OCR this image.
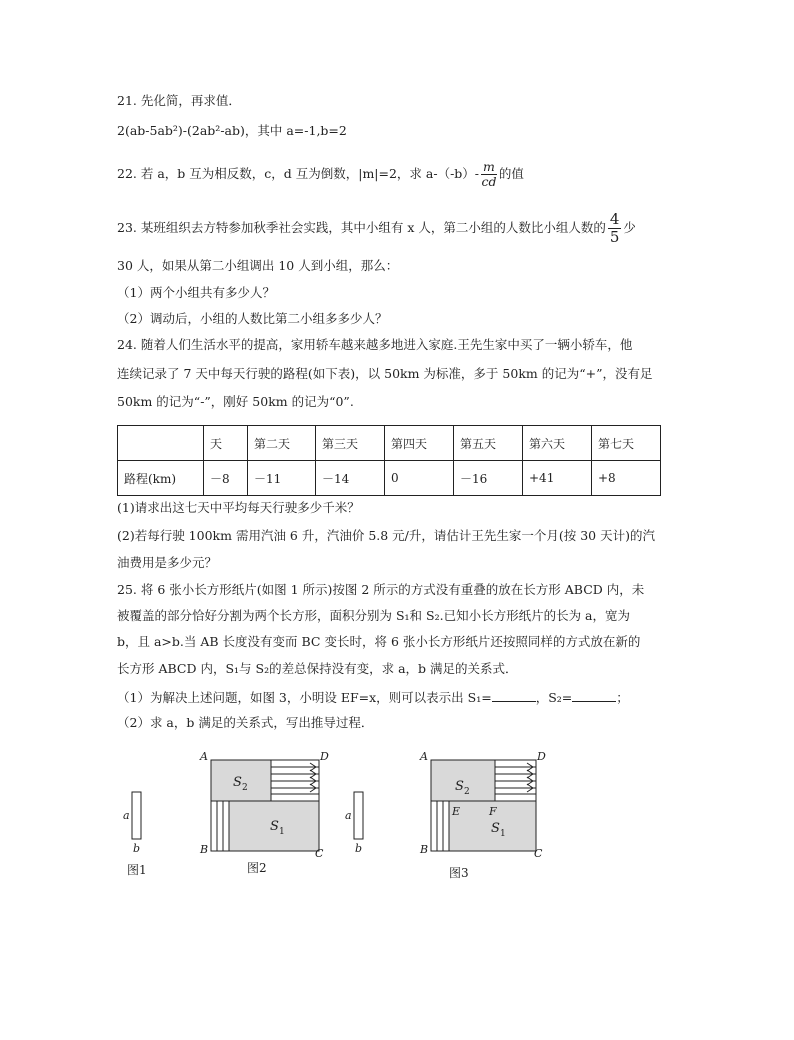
21. 先化简，再求值．
2(ab-5ab²)-(2ab²-ab)，其中 a=-1,b=2
22. 若 a，b 互为相反数，c，d 互为倒数，|m|=2，求 $a-(-b)- \frac{m}{cd}$ 的值
23. 某班组织去方特参加秋季社会实践，其中小组有 x 人，第二小组的人数比小组人数的 $\frac{4}{5}$ 少
30 人，如果从第二小组调出 10 人到小组，那么：
（1）两个小组共有多少人？
（2）调动后，小组的人数比第二小组多多少人？
24. 随着人们生活水平的提高，家用轿车越来越多地进入家庭.王先生家中买了一辆小轿车，他
连续记录了 7 天中每天行驶的路程(如下表)，以 50km 为标准，多于 50km 的记为“+”，没有足
50km 的记为“-”，刚好 50km 的记为“0”.
	天	第二天	第三天	第四天	第五天	第六天	第七天
路程(km)	－8	－11	－14	0	－16	+41	+8
(1)请求出这七天中平均每天行驶多少千米？
(2)若每行驶 100km 需用汽油 6 升，汽油价 5.8 元/升，请估计王先生家一个月(按 30 天计)的汽
油费用是多少元？
25. 将 6 张小长方形纸片(如图 1 所示)按图 2 所示的方式没有重叠的放在长方形 ABCD 内，未
被覆盖的部分恰好分割为两个长方形，面积分别为 S₁和 S₂.已知小长方形纸片的长为 a，宽为
b，且 a>b.当 AB 长度没有变而 BC 变长时，将 6 张小长方形纸片还按照同样的方式放在新的
长方形 ABCD 内，S₁与 S₂的差总保持没有变，求 a，b 满足的关系式．
（1）为解决上述问题，如图 3，小明设 EF=x，则可以表示出 S₁=	，S₂=	；
（2）求 a，b 满足的关系式，写出推导过程．
a
b
a
b
A	D
B	C
S 2
S 1
A	D
B	C
E	F
S 2
S 1
图1	图2	图3
